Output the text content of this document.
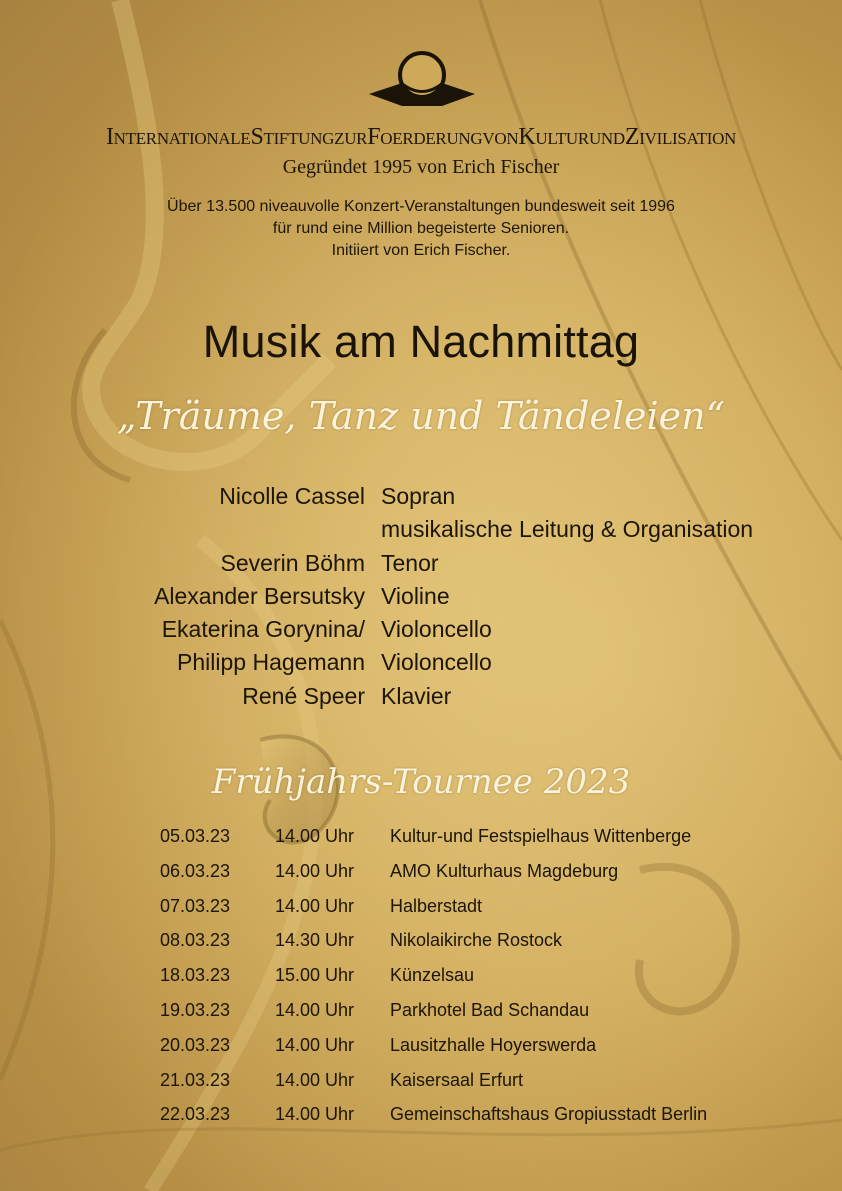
InternationaleStiftungzurFoerderungvonKulturundZivilisation
Gegründet 1995 von Erich Fischer
Über 13.500 niveauvolle Konzert-Veranstaltungen bundesweit seit 1996
für rund eine Million begeisterte Senioren.
Initiiert von Erich Fischer.
Musik am Nachmittag
„Träume, Tanz und Tändeleien“
Nicolle Cassel Sopran
musikalische Leitung & Organisation
Severin Böhm Tenor
Alexander Bersutsky Violine
Ekaterina Gorynina/ Violoncello
Philipp Hagemann Violoncello
René Speer Klavier
Frühjahrs-Tournee 2023
05.03.23 14.00 Uhr Kultur-und Festspielhaus Wittenberge
06.03.23 14.00 Uhr AMO Kulturhaus Magdeburg
07.03.23 14.00 Uhr Halberstadt
08.03.23 14.30 Uhr Nikolaikirche Rostock
18.03.23 15.00 Uhr Künzelsau
19.03.23 14.00 Uhr Parkhotel Bad Schandau
20.03.23 14.00 Uhr Lausitzhalle Hoyerswerda
21.03.23 14.00 Uhr Kaisersaal Erfurt
22.03.23 14.00 Uhr Gemeinschaftshaus Gropiusstadt Berlin
